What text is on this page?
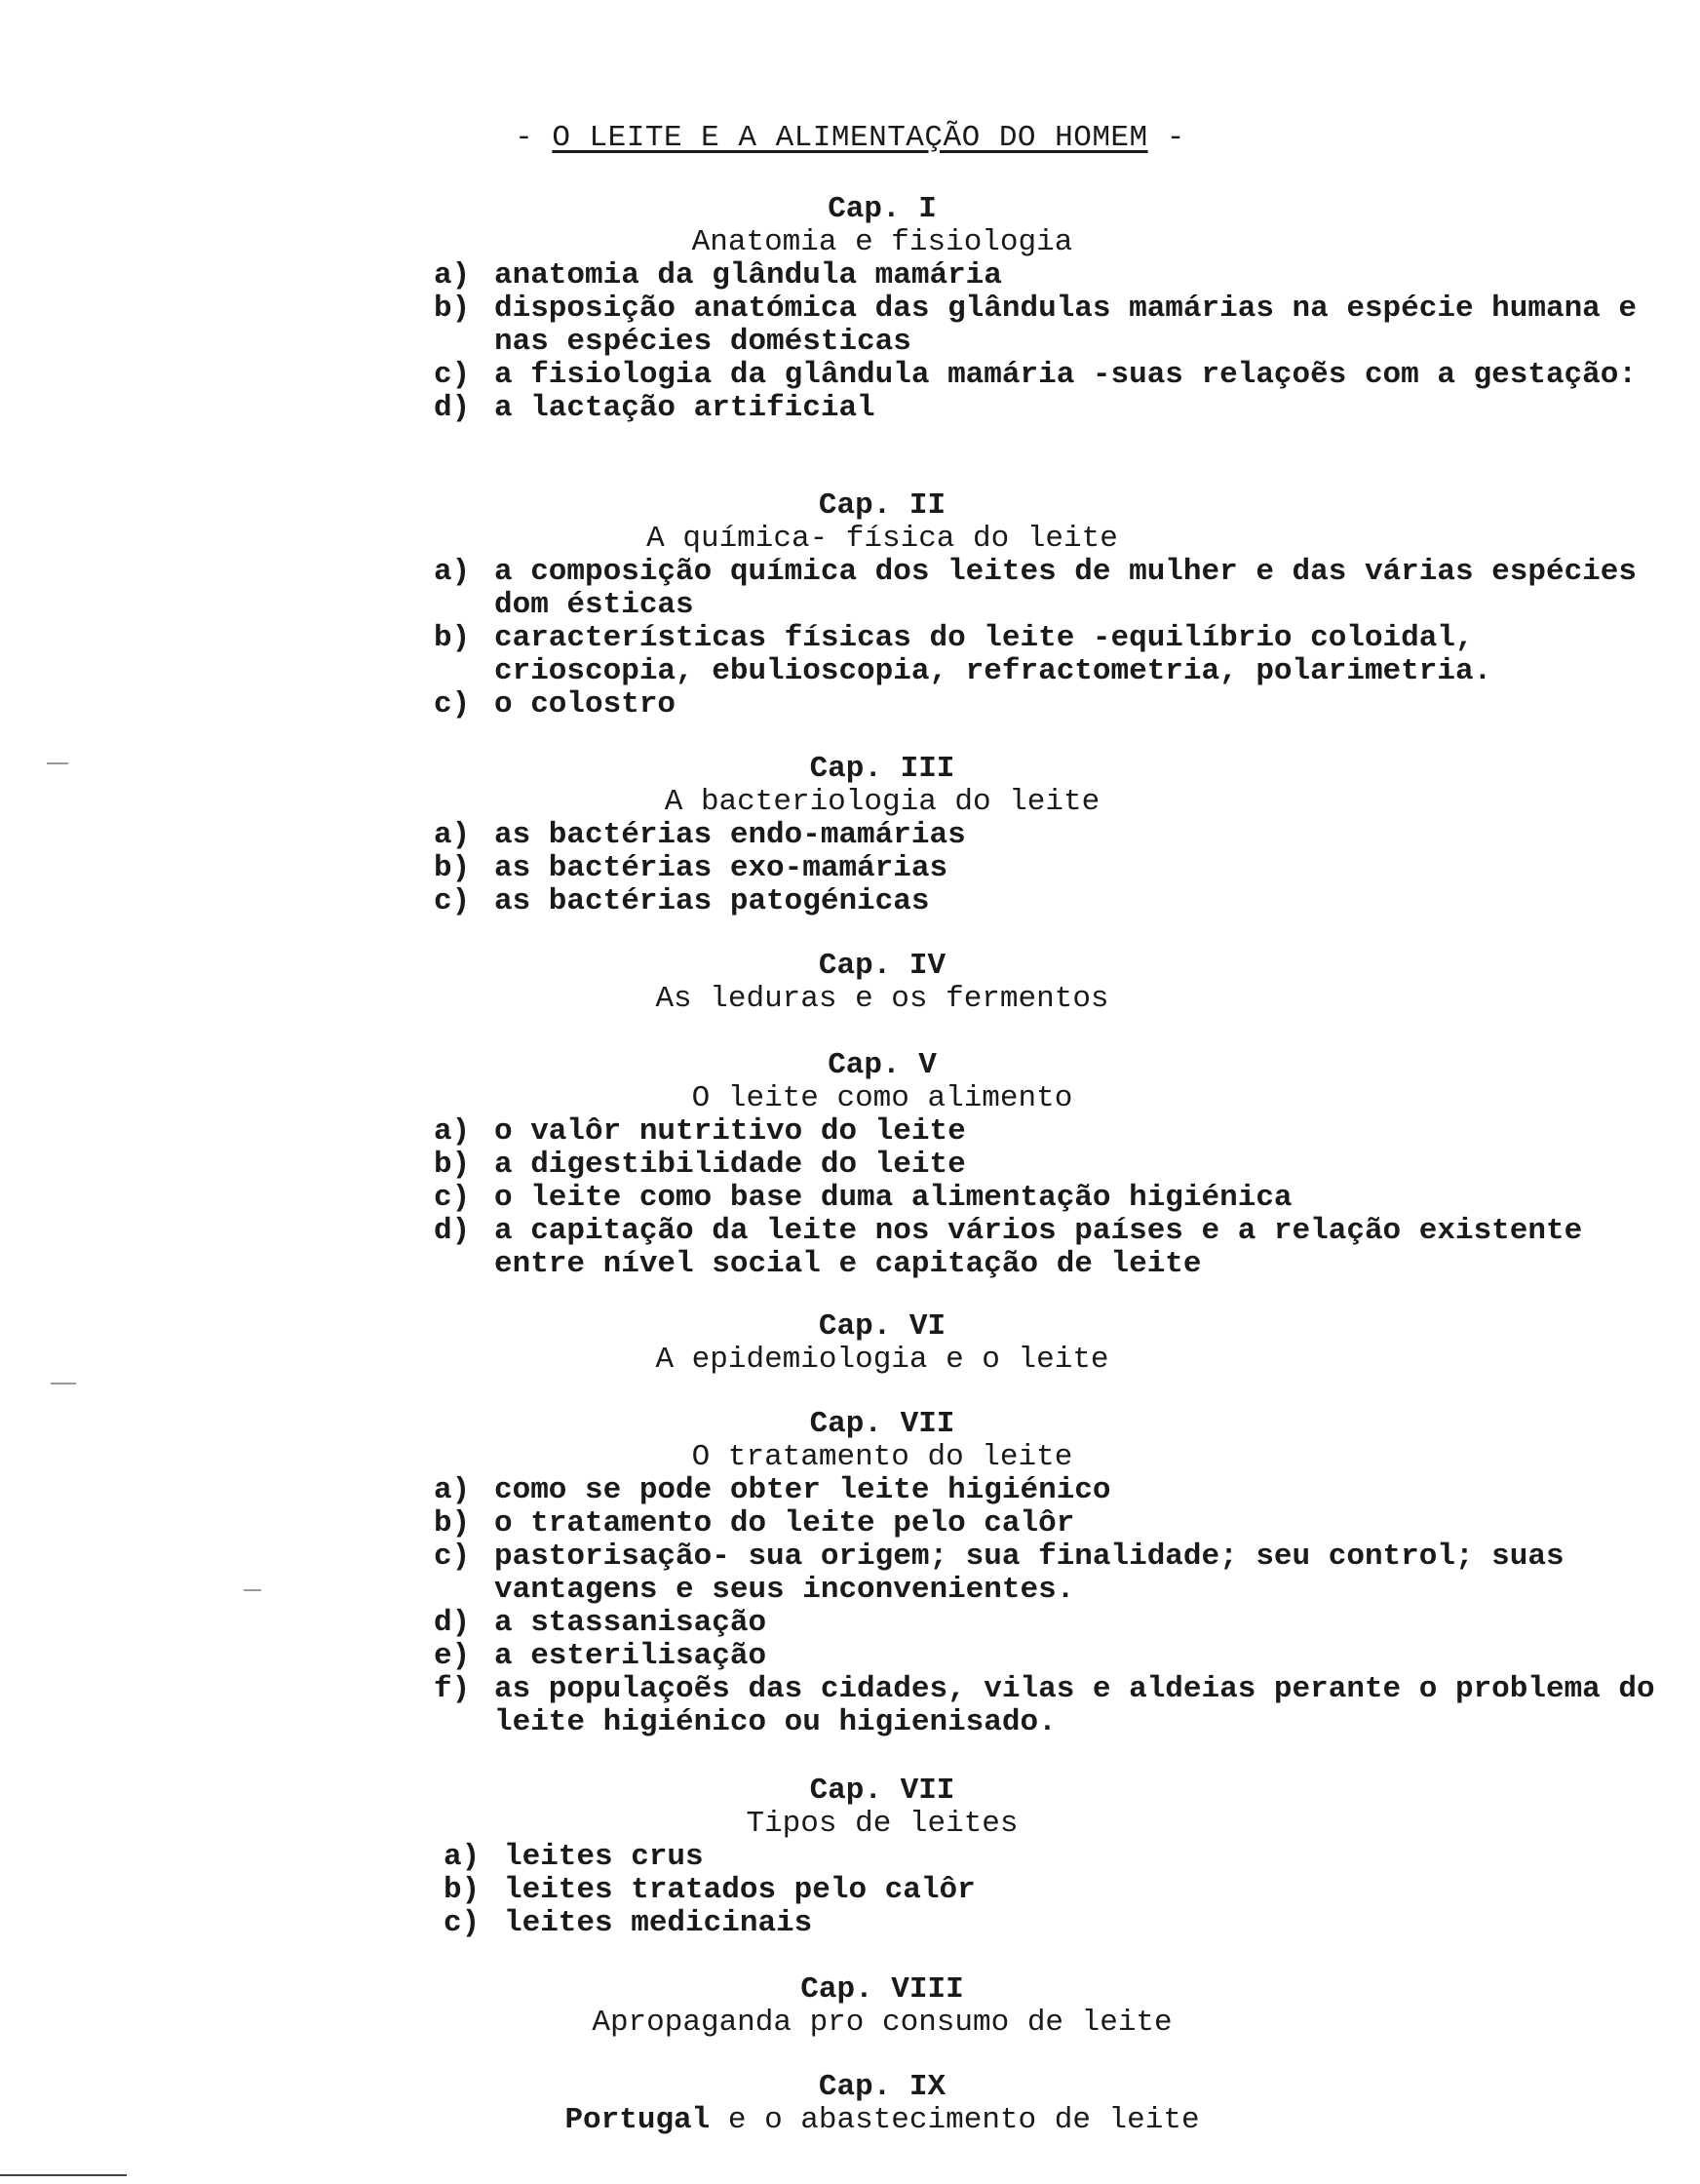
- O LEITE E A ALIMENTAÇÃO DO HOMEM -
Cap. I
Anatomia e fisiologia
a) anatomia da glândula mamária
b) disposição anatómica das glândulas mamárias na espécie humana e nas espécies domésticas
c) a fisiologia da glândula mamária -suas relaçoẽs com a gestação:
d) a lactação artificial
Cap. II
A química- física do leite
a) a composição química dos leites de mulher e das várias espécies dom ésticas
b) características físicas do leite -equilíbrio coloidal, crioscopia, ebulioscopia, refractometria, polarimetria.
c) o colostro
Cap. III
A bacteriologia do leite
a) as bactérias endo-mamárias
b) as bactérias exo-mamárias
c) as bactérias patogénicas
Cap. IV
As leduras e os fermentos
Cap. V
O leite como alimento
a) o valôr nutritivo do leite
b) a digestibilidade do leite
c) o leite como base duma alimentação higiénica
d) a capitação da leite nos vários países e a relação existente entre nível social e capitação de leite
Cap. VI
A epidemiologia e o leite
Cap. VII
O tratamento do leite
a) como se pode obter leite higiénico
b) o tratamento do leite pelo calôr
c) pastorisação- sua origem; sua finalidade; seu control; suas vantagens e seus inconvenientes.
d) a stassanisação
e) a esterilisação
f) as populaçoẽs das cidades, vilas e aldeias perante o problema do leite higiénico ou higienisado.
Cap. VII
Tipos de leites
a) leites crus
b) leites tratados pelo calôr
c) leites medicinais
Cap. VIII
Apropaganda pro consumo de leite
Cap. IX
Portugal e o abastecimento de leite
